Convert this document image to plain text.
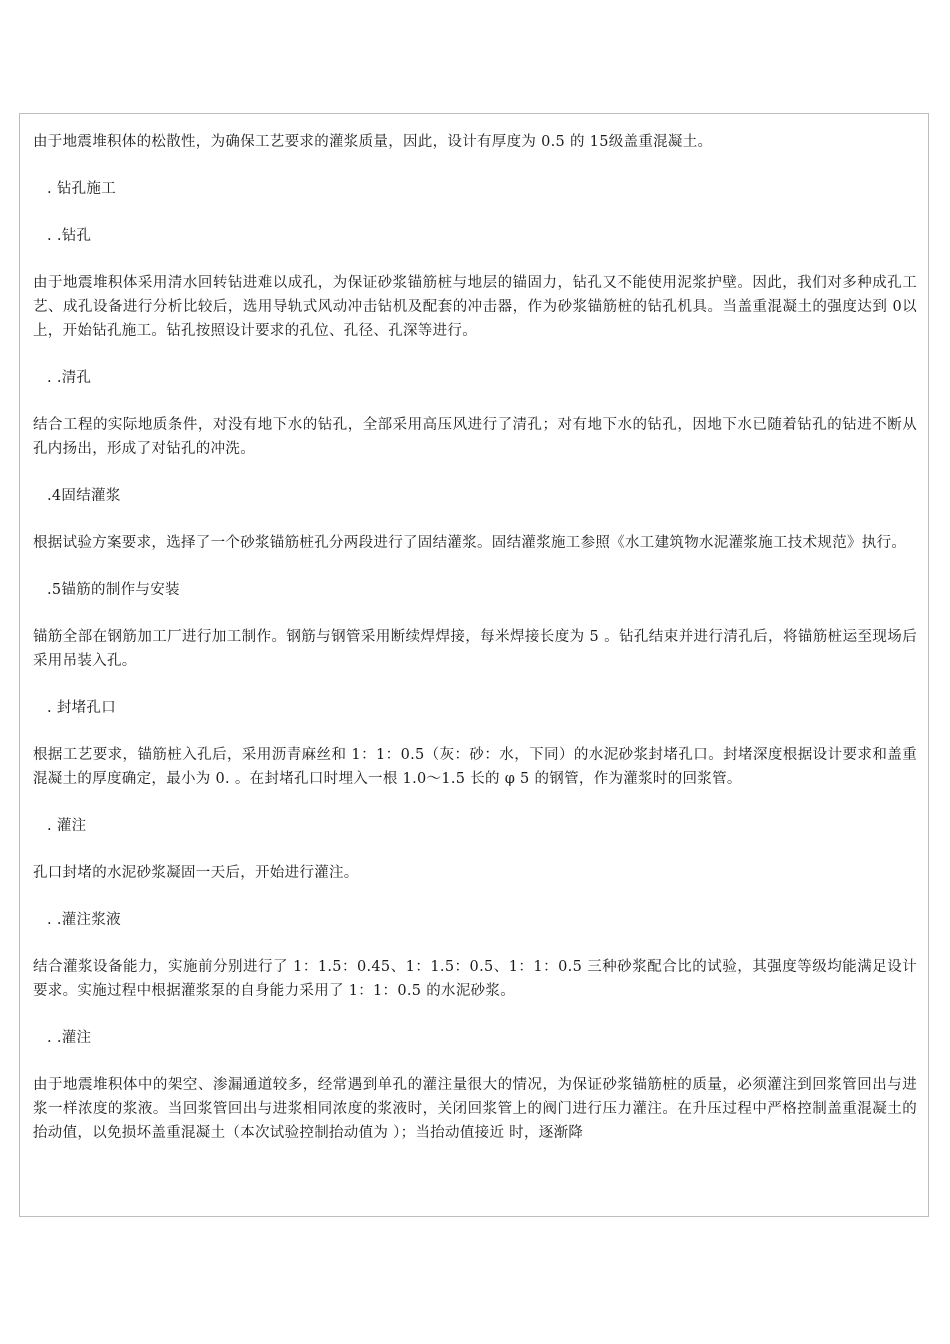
由于地震堆积体的松散性，为确保工艺要求的灌浆质量，因此，设计有厚度为 0.5 的 15级盖重混凝土。

. 钻孔施工

. .钻孔

由于地震堆积体采用清水回转钻进难以成孔，为保证砂浆锚筋桩与地层的锚固力，钻孔又不能使用泥浆护壁。因此，我们对多种成孔工艺、成孔设备进行分析比较后，选用导轨式风动冲击钻机及配套的冲击器，作为砂浆锚筋桩的钻孔机具。当盖重混凝土的强度达到 0以上，开始钻孔施工。钻孔按照设计要求的孔位、孔径、孔深等进行。

. .清孔

结合工程的实际地质条件，对没有地下水的钻孔，全部采用高压风进行了清孔；对有地下水的钻孔，因地下水已随着钻孔的钻进不断从孔内扬出，形成了对钻孔的冲洗。

.4固结灌浆

根据试验方案要求，选择了一个砂浆锚筋桩孔分两段进行了固结灌浆。固结灌浆施工参照《水工建筑物水泥灌浆施工技术规范》执行。

.5锚筋的制作与安装

锚筋全部在钢筋加工厂进行加工制作。钢筋与钢管采用断续焊焊接，每米焊接长度为 5 。钻孔结束并进行清孔后，将锚筋桩运至现场后采用吊装入孔。

. 封堵孔口

根据工艺要求，锚筋桩入孔后，采用沥青麻丝和 1：1：0.5（灰：砂：水，下同）的水泥砂浆封堵孔口。封堵深度根据设计要求和盖重混凝土的厚度确定，最小为 0. 。在封堵孔口时埋入一根 1.0～1.5 长的 φ 5 的钢管，作为灌浆时的回浆管。

. 灌注

孔口封堵的水泥砂浆凝固一天后，开始进行灌注。

. .灌注浆液

结合灌浆设备能力，实施前分别进行了 1：1.5：0.45、1：1.5：0.5、1：1：0.5 三种砂浆配合比的试验，其强度等级均能满足设计要求。实施过程中根据灌浆泵的自身能力采用了 1：1：0.5 的水泥砂浆。

. .灌注

由于地震堆积体中的架空、渗漏通道较多，经常遇到单孔的灌注量很大的情况，为保证砂浆锚筋桩的质量，必须灌注到回浆管回出与进浆一样浓度的浆液。当回浆管回出与进浆相同浓度的浆液时，关闭回浆管上的阀门进行压力灌注。在升压过程中严格控制盖重混凝土的抬动值，以免损坏盖重混凝土（本次试验控制抬动值为 ）；当抬动值接近 时，逐渐降
